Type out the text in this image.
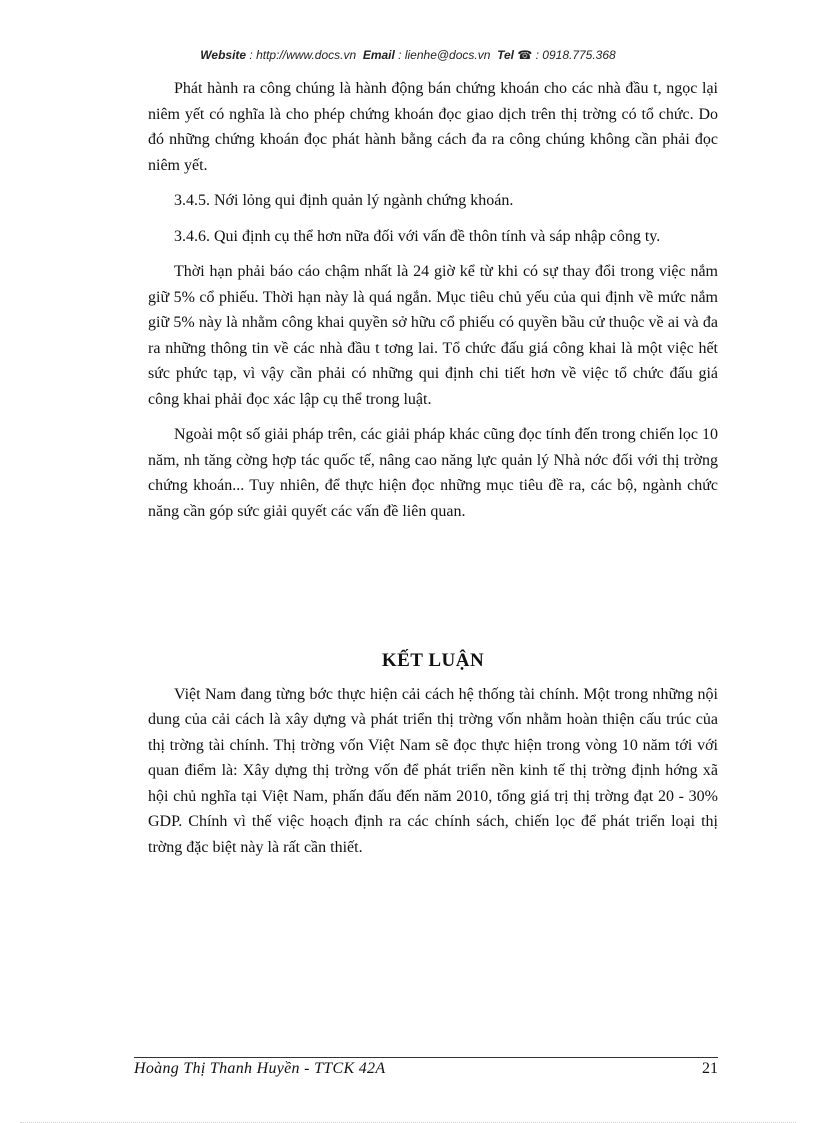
Website : http://www.docs.vn Email : lienhe@docs.vn Tel ☎ : 0918.775.368

Phát hành ra công chúng là hành động bán chứng khoán cho các nhà đầu t, ngọc lại niêm yết có nghĩa là cho phép chứng khoán đọc giao dịch trên thị trờng có tổ chức. Do đó những chứng khoán đọc phát hành bằng cách đa ra công chúng không cần phải đọc niêm yết.

3.4.5. Nới lỏng qui định quản lý ngành chứng khoán.

3.4.6. Qui định cụ thể hơn nữa đối với vấn đề thôn tính và sáp nhập công ty.

Thời hạn phải báo cáo chậm nhất là 24 giờ kể từ khi có sự thay đổi trong việc nắm giữ 5% cổ phiếu. Thời hạn này là quá ngắn. Mục tiêu chủ yếu của qui định về mức nắm giữ 5% này là nhằm công khai quyền sở hữu cổ phiếu có quyền bầu cử thuộc về ai và đa ra những thông tin về các nhà đầu t tơng lai. Tổ chức đấu giá công khai là một việc hết sức phức tạp, vì vậy cần phải có những qui định chi tiết hơn về việc tổ chức đấu giá công khai phải đọc xác lập cụ thể trong luật.

Ngoài một số giải pháp trên, các giải pháp khác cũng đọc tính đến trong chiến lọc 10 năm, nh tăng cờng hợp tác quốc tế, nâng cao năng lực quản lý Nhà nớc đối với thị trờng chứng khoán... Tuy nhiên, để thực hiện đọc những mục tiêu đề ra, các bộ, ngành chức năng cần góp sức giải quyết các vấn đề liên quan.

KẾT LUẬN

Việt Nam đang từng bớc thực hiện cải cách hệ thống tài chính. Một trong những nội dung của cải cách là xây dựng và phát triển thị trờng vốn nhằm hoàn thiện cấu trúc của thị trờng tài chính. Thị trờng vốn Việt Nam sẽ đọc thực hiện trong vòng 10 năm tới với quan điểm là: Xây dựng thị trờng vốn để phát triển nền kinh tế thị trờng định hớng xã hội chủ nghĩa tại Việt Nam, phấn đấu đến năm 2010, tổng giá trị thị trờng đạt 20 - 30% GDP. Chính vì thế việc hoạch định ra các chính sách, chiến lọc để phát triển loại thị trờng đặc biệt này là rất cần thiết.

Hoàng Thị Thanh Huyền - TTCK 42A	21
